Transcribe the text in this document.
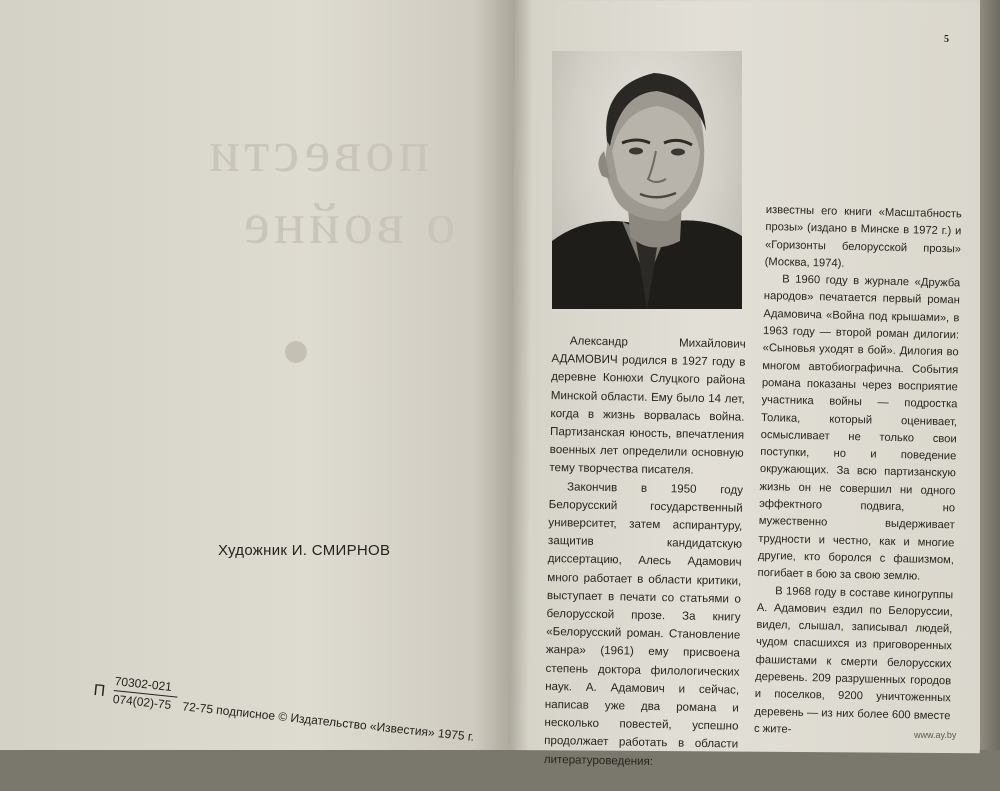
повести
о войне
Художник И. СМИРНОВ
П 70302-021
074(02)-75 72-75 подписное © Издательство «Известия» 1975 г.
5

Александр Михайлович АДАМОВИЧ родился в 1927 году в деревне Конюхи Слуцкого района Минской области. Ему было 14 лет, когда в жизнь ворвалась война. Партизанская юность, впечатления военных лет определили основную тему творчества писателя.

Закончив в 1950 году Белорусский государственный университет, затем аспирантуру, защитив кандидатскую диссертацию, Алесь Адамович много работает в области критики, выступает в печати со статьями о белорусской прозе. За книгу «Белорусский роман. Становление жанра» (1961) ему присвоена степень доктора филологических наук. А. Адамович и сейчас, написав уже два романа и несколько повестей, успешно продолжает работать в области литературоведения:

известны его книги «Масштабность прозы» (издано в Минске в 1972 г.) и «Горизонты белорусской прозы» (Москва, 1974).

В 1960 году в журнале «Дружба народов» печатается первый роман Адамовича «Война под крышами», в 1963 году — второй роман дилогии: «Сыновья уходят в бой». Дилогия во многом автобиографична. События романа показаны через восприятие участника войны — подростка Толика, который оценивает, осмысливает не только свои поступки, но и поведение окружающих. За всю партизанскую жизнь он не совершил ни одного эффектного подвига, но мужественно выдерживает трудности и честно, как и многие другие, кто боролся с фашизмом, погибает в бою за свою землю.

В 1968 году в составе киногруппы А. Адамович ездил по Белоруссии, видел, слышал, записывал людей, чудом спасшихся из приговоренных фашистами к смерти белорусских деревень. 209 разрушенных городов и поселков, 9200 уничтоженных деревень — из них более 600 вместе с жите-	www.ay.by
